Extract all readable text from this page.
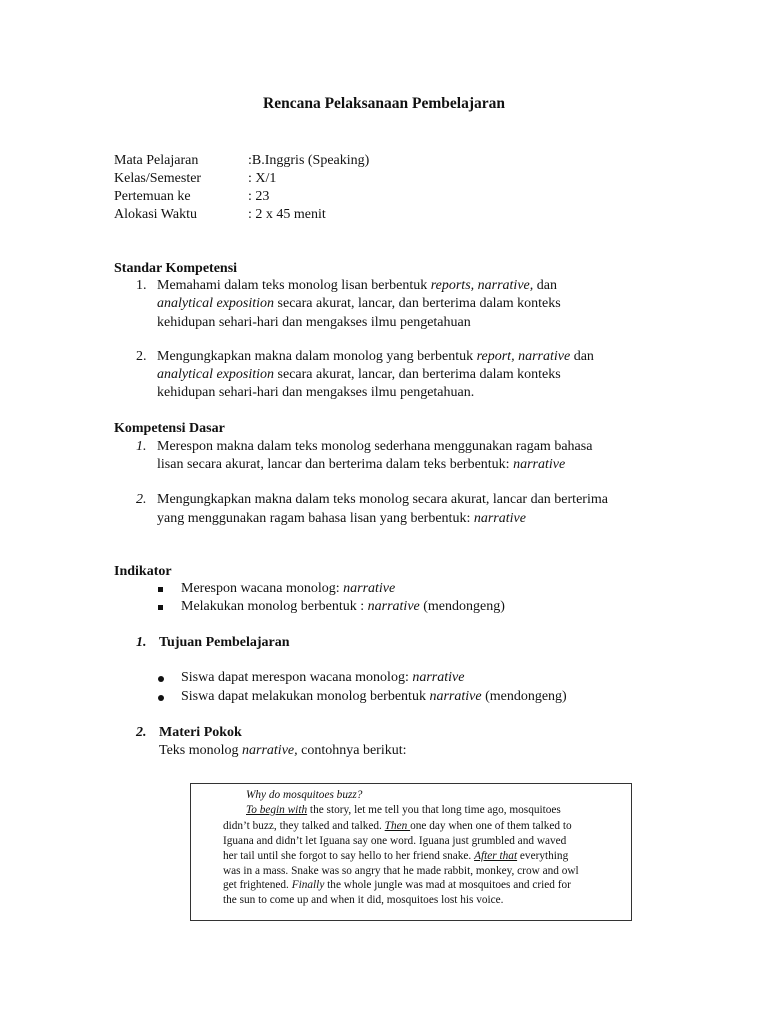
Rencana Pelaksanaan Pembelajaran
Mata Pelajaran	:B.Inggris (Speaking)
Kelas/Semester	: X/1
Pertemuan ke	: 23
Alokasi Waktu	: 2 x 45 menit
Standar Kompetensi
1. Memahami dalam teks monolog lisan berbentuk reports, narrative, dan
analytical exposition secara akurat, lancar, dan berterima dalam konteks
kehidupan sehari-hari dan mengakses ilmu pengetahuan
2. Mengungkapkan makna dalam monolog yang berbentuk report, narrative dan
analytical exposition secara akurat, lancar, dan berterima dalam konteks
kehidupan sehari-hari dan mengakses ilmu pengetahuan.
Kompetensi Dasar
1. Merespon makna dalam teks monolog sederhana menggunakan ragam bahasa
lisan secara akurat, lancar dan berterima dalam teks berbentuk: narrative
2. Mengungkapkan makna dalam teks monolog secara akurat, lancar dan berterima
yang menggunakan ragam bahasa lisan yang berbentuk: narrative
Indikator
Merespon wacana monolog: narrative
Melakukan monolog berbentuk : narrative (mendongeng)
1. Tujuan Pembelajaran
Siswa dapat merespon wacana monolog: narrative
Siswa dapat melakukan monolog berbentuk narrative (mendongeng)
2. Materi Pokok
Teks monolog narrative, contohnya berikut:
Why do mosquitoes buzz?
To begin with the story, let me tell you that long time ago, mosquitoes
didn’t buzz, they talked and talked. Then one day when one of them talked to
Iguana and didn’t let Iguana say one word. Iguana just grumbled and waved
her tail until she forgot to say hello to her friend snake. After that everything
was in a mass. Snake was so angry that he made rabbit, monkey, crow and owl
get frightened. Finally the whole jungle was mad at mosquitoes and cried for
the sun to come up and when it did, mosquitoes lost his voice.
